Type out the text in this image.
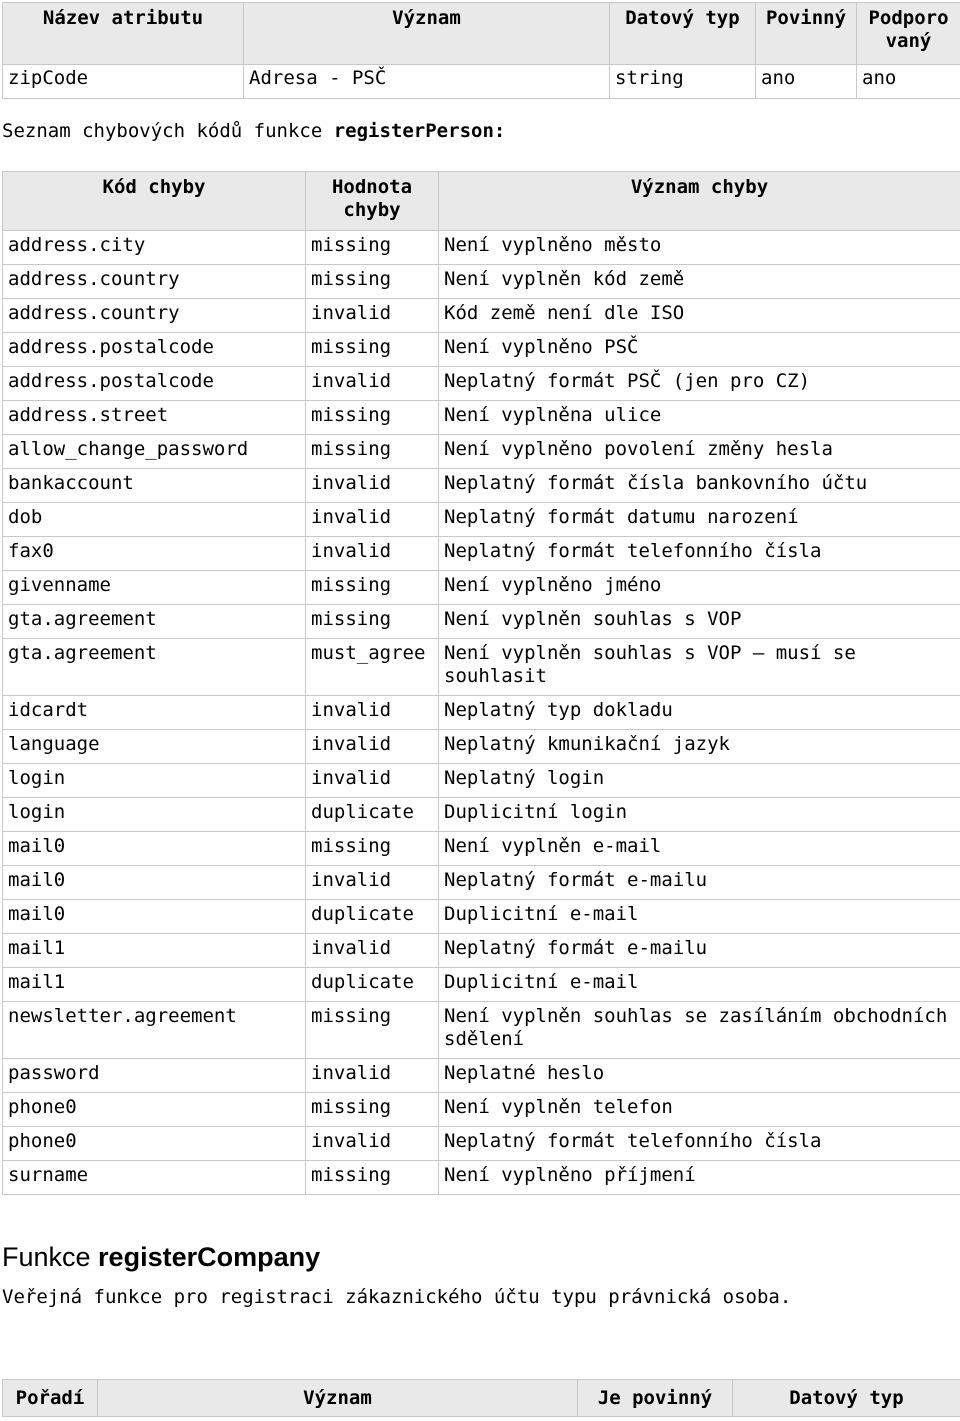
Název atributu	Význam	Datový typ	Povinný	Podporo vaný
zipCode	Adresa - PSČ	string	ano	ano
Seznam chybových kódů funkce registerPerson:
Kód chyby	Hodnota chyby	Význam chyby
address.city	missing	Není vyplněno město
address.country	missing	Není vyplněn kód země
address.country	invalid	Kód země není dle ISO
address.postalcode	missing	Není vyplněno PSČ
address.postalcode	invalid	Neplatný formát PSČ (jen pro CZ)
address.street	missing	Není vyplněna ulice
allow_change_password	missing	Není vyplněno povolení změny hesla
bankaccount	invalid	Neplatný formát čísla bankovního účtu
dob	invalid	Neplatný formát datumu narození
fax0	invalid	Neplatný formát telefonního čísla
givenname	missing	Není vyplněno jméno
gta.agreement	missing	Není vyplněn souhlas s VOP
gta.agreement	must_agree	Není vyplněn souhlas s VOP – musí se souhlasit
idcardt	invalid	Neplatný typ dokladu
language	invalid	Neplatný kmunikační jazyk
login	invalid	Neplatný login
login	duplicate	Duplicitní login
mail0	missing	Není vyplněn e-mail
mail0	invalid	Neplatný formát e-mailu
mail0	duplicate	Duplicitní e-mail
mail1	invalid	Neplatný formát e-mailu
mail1	duplicate	Duplicitní e-mail
newsletter.agreement	missing	Není vyplněn souhlas se zasíláním obchodních sdělení
password	invalid	Neplatné heslo
phone0	missing	Není vyplněn telefon
phone0	invalid	Neplatný formát telefonního čísla
surname	missing	Není vyplněno příjmení
Funkce registerCompany
Veřejná funkce pro registraci zákaznického účtu typu právnická osoba.
Pořadí	Význam	Je povinný	Datový typ
